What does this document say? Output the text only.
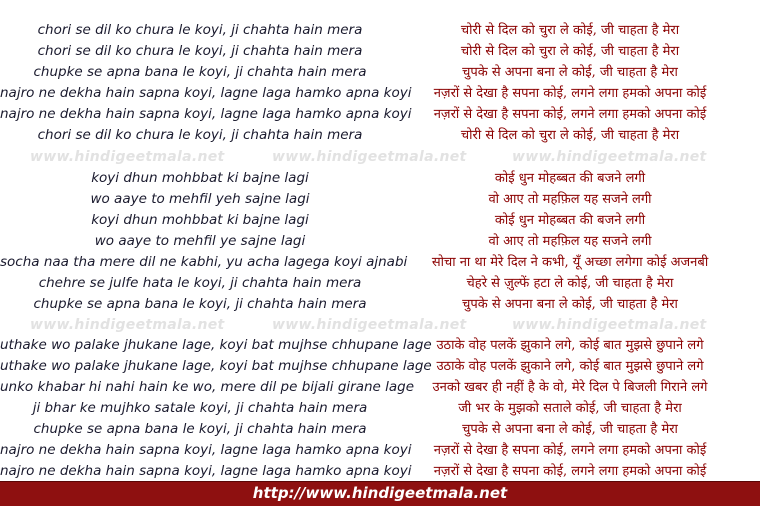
chori se dil ko chura le koyi, ji chahta hain mera	चोरी से दिल को चुरा ले कोई, जी चाहता है मेरा
chori se dil ko chura le koyi, ji chahta hain mera	चोरी से दिल को चुरा ले कोई, जी चाहता है मेरा
chupke se apna bana le koyi, ji chahta hain mera	चुपके से अपना बना ले कोई, जी चाहता है मेरा
najro ne dekha hain sapna koyi, lagne laga hamko apna koyi	नज़रों से देखा है सपना कोई, लगने लगा हमको अपना कोई
najro ne dekha hain sapna koyi, lagne laga hamko apna koyi	नज़रों से देखा है सपना कोई, लगने लगा हमको अपना कोई
chori se dil ko chura le koyi, ji chahta hain mera	चोरी से दिल को चुरा ले कोई, जी चाहता है मेरा
www.hindigeetmala.net	www.hindigeetmala.net	www.hindigeetmala.net
koyi dhun mohbbat ki bajne lagi	कोई धुन मोहब्बत की बजने लगी
wo aaye to mehfil yeh sajne lagi	वो आए तो महफ़िल यह सजने लगी
koyi dhun mohbbat ki bajne lagi	कोई धुन मोहब्बत की बजने लगी
wo aaye to mehfil ye sajne lagi	वो आए तो महफ़िल यह सजने लगी
socha naa tha mere dil ne kabhi, yu acha lagega koyi ajnabi	सोचा ना था मेरे दिल ने कभी, यूँ अच्छा लगेगा कोई अजनबी
chehre se julfe hata le koyi, ji chahta hain mera	चेहरे से ज़ुल्फें हटा ले कोई, जी चाहता है मेरा
chupke se apna bana le koyi, ji chahta hain mera	चुपके से अपना बना ले कोई, जी चाहता है मेरा
www.hindigeetmala.net	www.hindigeetmala.net	www.hindigeetmala.net
uthake wo palake jhukane lage, koyi bat mujhse chhupane lage उठाके वोह पलकें झुकाने लगे, कोई बात मुझसे छुपाने लगे
uthake wo palake jhukane lage, koyi bat mujhse chhupane lage उठाके वोह पलकें झुकाने लगे, कोई बात मुझसे छुपाने लगे
unko khabar hi nahi hain ke wo, mere dil pe bijali girane lage	उनको खबर ही नहीं है के वो, मेरे दिल पे बिजली गिराने लगे
ji bhar ke mujhko satale koyi, ji chahta hain mera	जी भर के मुझको सताले कोई, जी चाहता है मेरा
chupke se apna bana le koyi, ji chahta hain mera	चुपके से अपना बना ले कोई, जी चाहता है मेरा
najro ne dekha hain sapna koyi, lagne laga hamko apna koyi	नज़रों से देखा है सपना कोई, लगने लगा हमको अपना कोई
najro ne dekha hain sapna koyi, lagne laga hamko apna koyi	नज़रों से देखा है सपना कोई, लगने लगा हमको अपना कोई
http://www.hindigeetmala.net
